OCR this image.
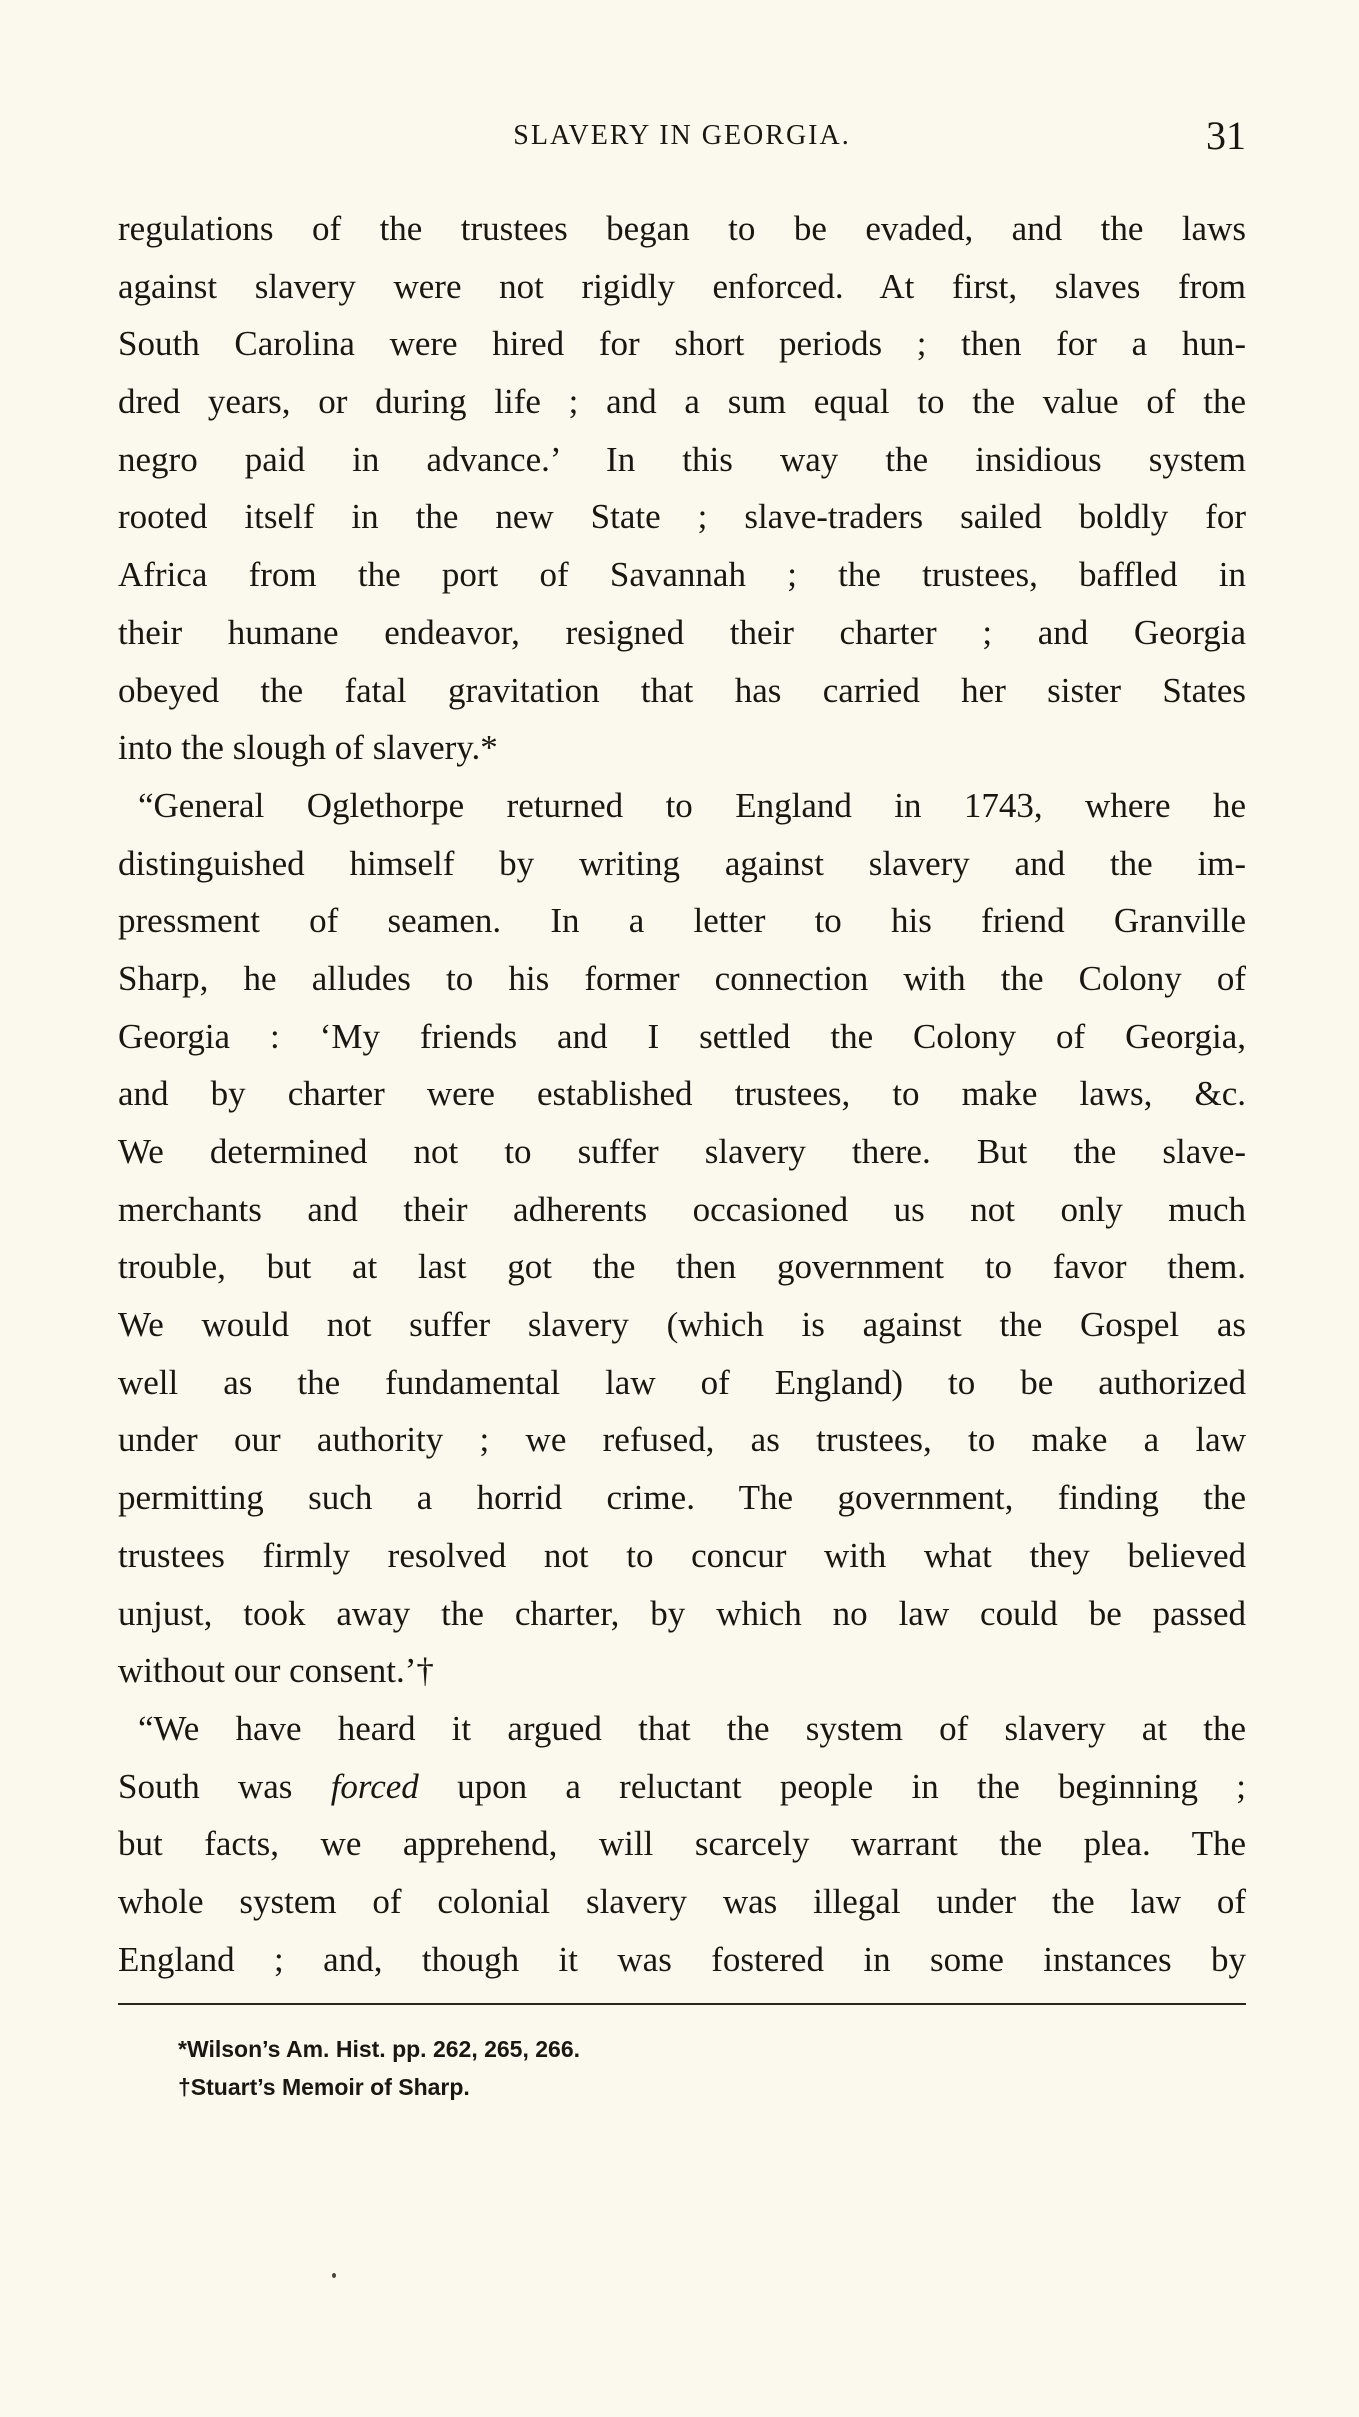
SLAVERY IN GEORGIA.	31
regulations of the trustees began to be evaded, and the laws
against slavery were not rigidly enforced. At first, slaves from
South Carolina were hired for short periods ; then for a hun-
dred years, or during life ; and a sum equal to the value of the
negro paid in advance.’ In this way the insidious system
rooted itself in the new State ; slave-traders sailed boldly for
Africa from the port of Savannah ; the trustees, baffled in
their humane endeavor, resigned their charter ; and Georgia
obeyed the fatal gravitation that has carried her sister States
into the slough of slavery.*
“General Oglethorpe returned to England in 1743, where he
distinguished himself by writing against slavery and the im-
pressment of seamen. In a letter to his friend Granville
Sharp, he alludes to his former connection with the Colony of
Georgia : ‘My friends and I settled the Colony of Georgia,
and by charter were established trustees, to make laws, &c.
We determined not to suffer slavery there. But the slave-
merchants and their adherents occasioned us not only much
trouble, but at last got the then government to favor them.
We would not suffer slavery (which is against the Gospel as
well as the fundamental law of England) to be authorized
under our authority ; we refused, as trustees, to make a law
permitting such a horrid crime. The government, finding the
trustees firmly resolved not to concur with what they believed
unjust, took away the charter, by which no law could be passed
without our consent.’†
“We have heard it argued that the system of slavery at the
South was forced upon a reluctant people in the beginning ;
but facts, we apprehend, will scarcely warrant the plea. The
whole system of colonial slavery was illegal under the law of
England ; and, though it was fostered in some instances by
*Wilson’s Am. Hist. pp. 262, 265, 266.
†Stuart’s Memoir of Sharp.
